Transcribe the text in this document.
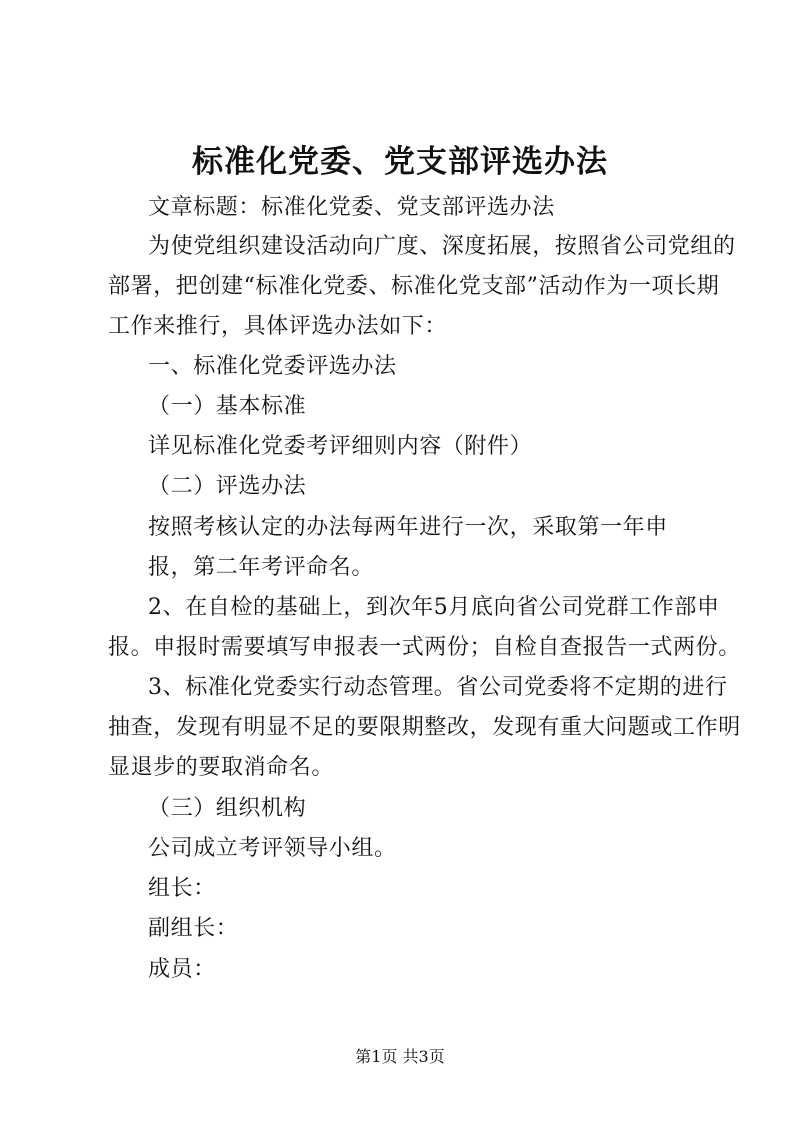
标准化党委、党支部评选办法
文章标题：标准化党委、党支部评选办法
为使党组织建设活动向广度、深度拓展，按照省公司党组的
部署，把创建“标准化党委、标准化党支部”活动作为一项长期
工作来推行，具体评选办法如下：
一、标准化党委评选办法
（一）基本标准
详见标准化党委考评细则内容（附件）
（二）评选办法
按照考核认定的办法每两年进行一次，采取第一年申
报，第二年考评命名。
2、在自检的基础上，到次年5月底向省公司党群工作部申
报。申报时需要填写申报表一式两份；自检自查报告一式两份。
3、标准化党委实行动态管理。省公司党委将不定期的进行
抽查，发现有明显不足的要限期整改，发现有重大问题或工作明
显退步的要取消命名。
（三）组织机构
公司成立考评领导小组。
组长：
副组长：
成员：
第1页 共3页
